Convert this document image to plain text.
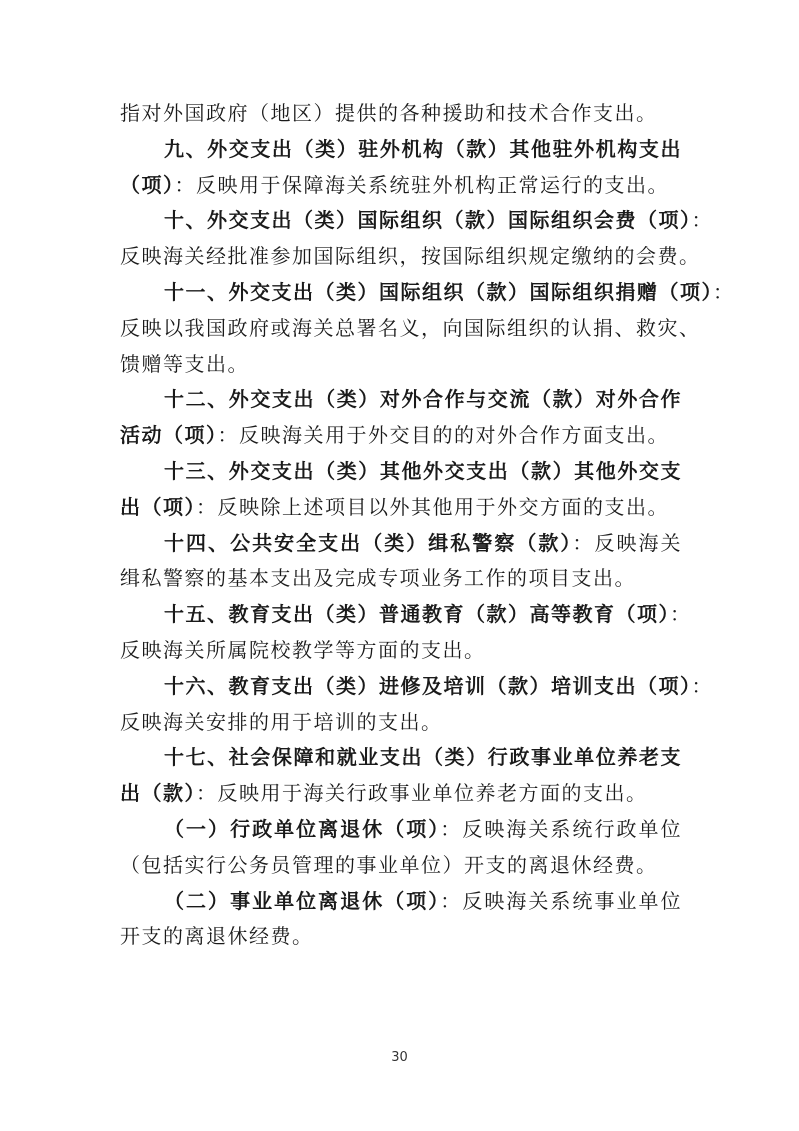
指对外国政府（地区）提供的各种援助和技术合作支出。
九、外交支出（类）驻外机构（款）其他驻外机构支出
（项）：反映用于保障海关系统驻外机构正常运行的支出。
十、外交支出（类）国际组织（款）国际组织会费（项）：
反映海关经批准参加国际组织，按国际组织规定缴纳的会费。
十一、外交支出（类）国际组织（款）国际组织捐赠（项）：
反映以我国政府或海关总署名义，向国际组织的认捐、救灾、
馈赠等支出。
十二、外交支出（类）对外合作与交流（款）对外合作
活动（项）：反映海关用于外交目的的对外合作方面支出。
十三、外交支出（类）其他外交支出（款）其他外交支
出（项）：反映除上述项目以外其他用于外交方面的支出。
十四、公共安全支出（类）缉私警察（款）：反映海关
缉私警察的基本支出及完成专项业务工作的项目支出。
十五、教育支出（类）普通教育（款）高等教育（项）：
反映海关所属院校教学等方面的支出。
十六、教育支出（类）进修及培训（款）培训支出（项）：
反映海关安排的用于培训的支出。
十七、社会保障和就业支出（类）行政事业单位养老支
出（款）：反映用于海关行政事业单位养老方面的支出。
（一）行政单位离退休（项）：反映海关系统行政单位
（包括实行公务员管理的事业单位）开支的离退休经费。
（二）事业单位离退休（项）：反映海关系统事业单位
开支的离退休经费。
30
